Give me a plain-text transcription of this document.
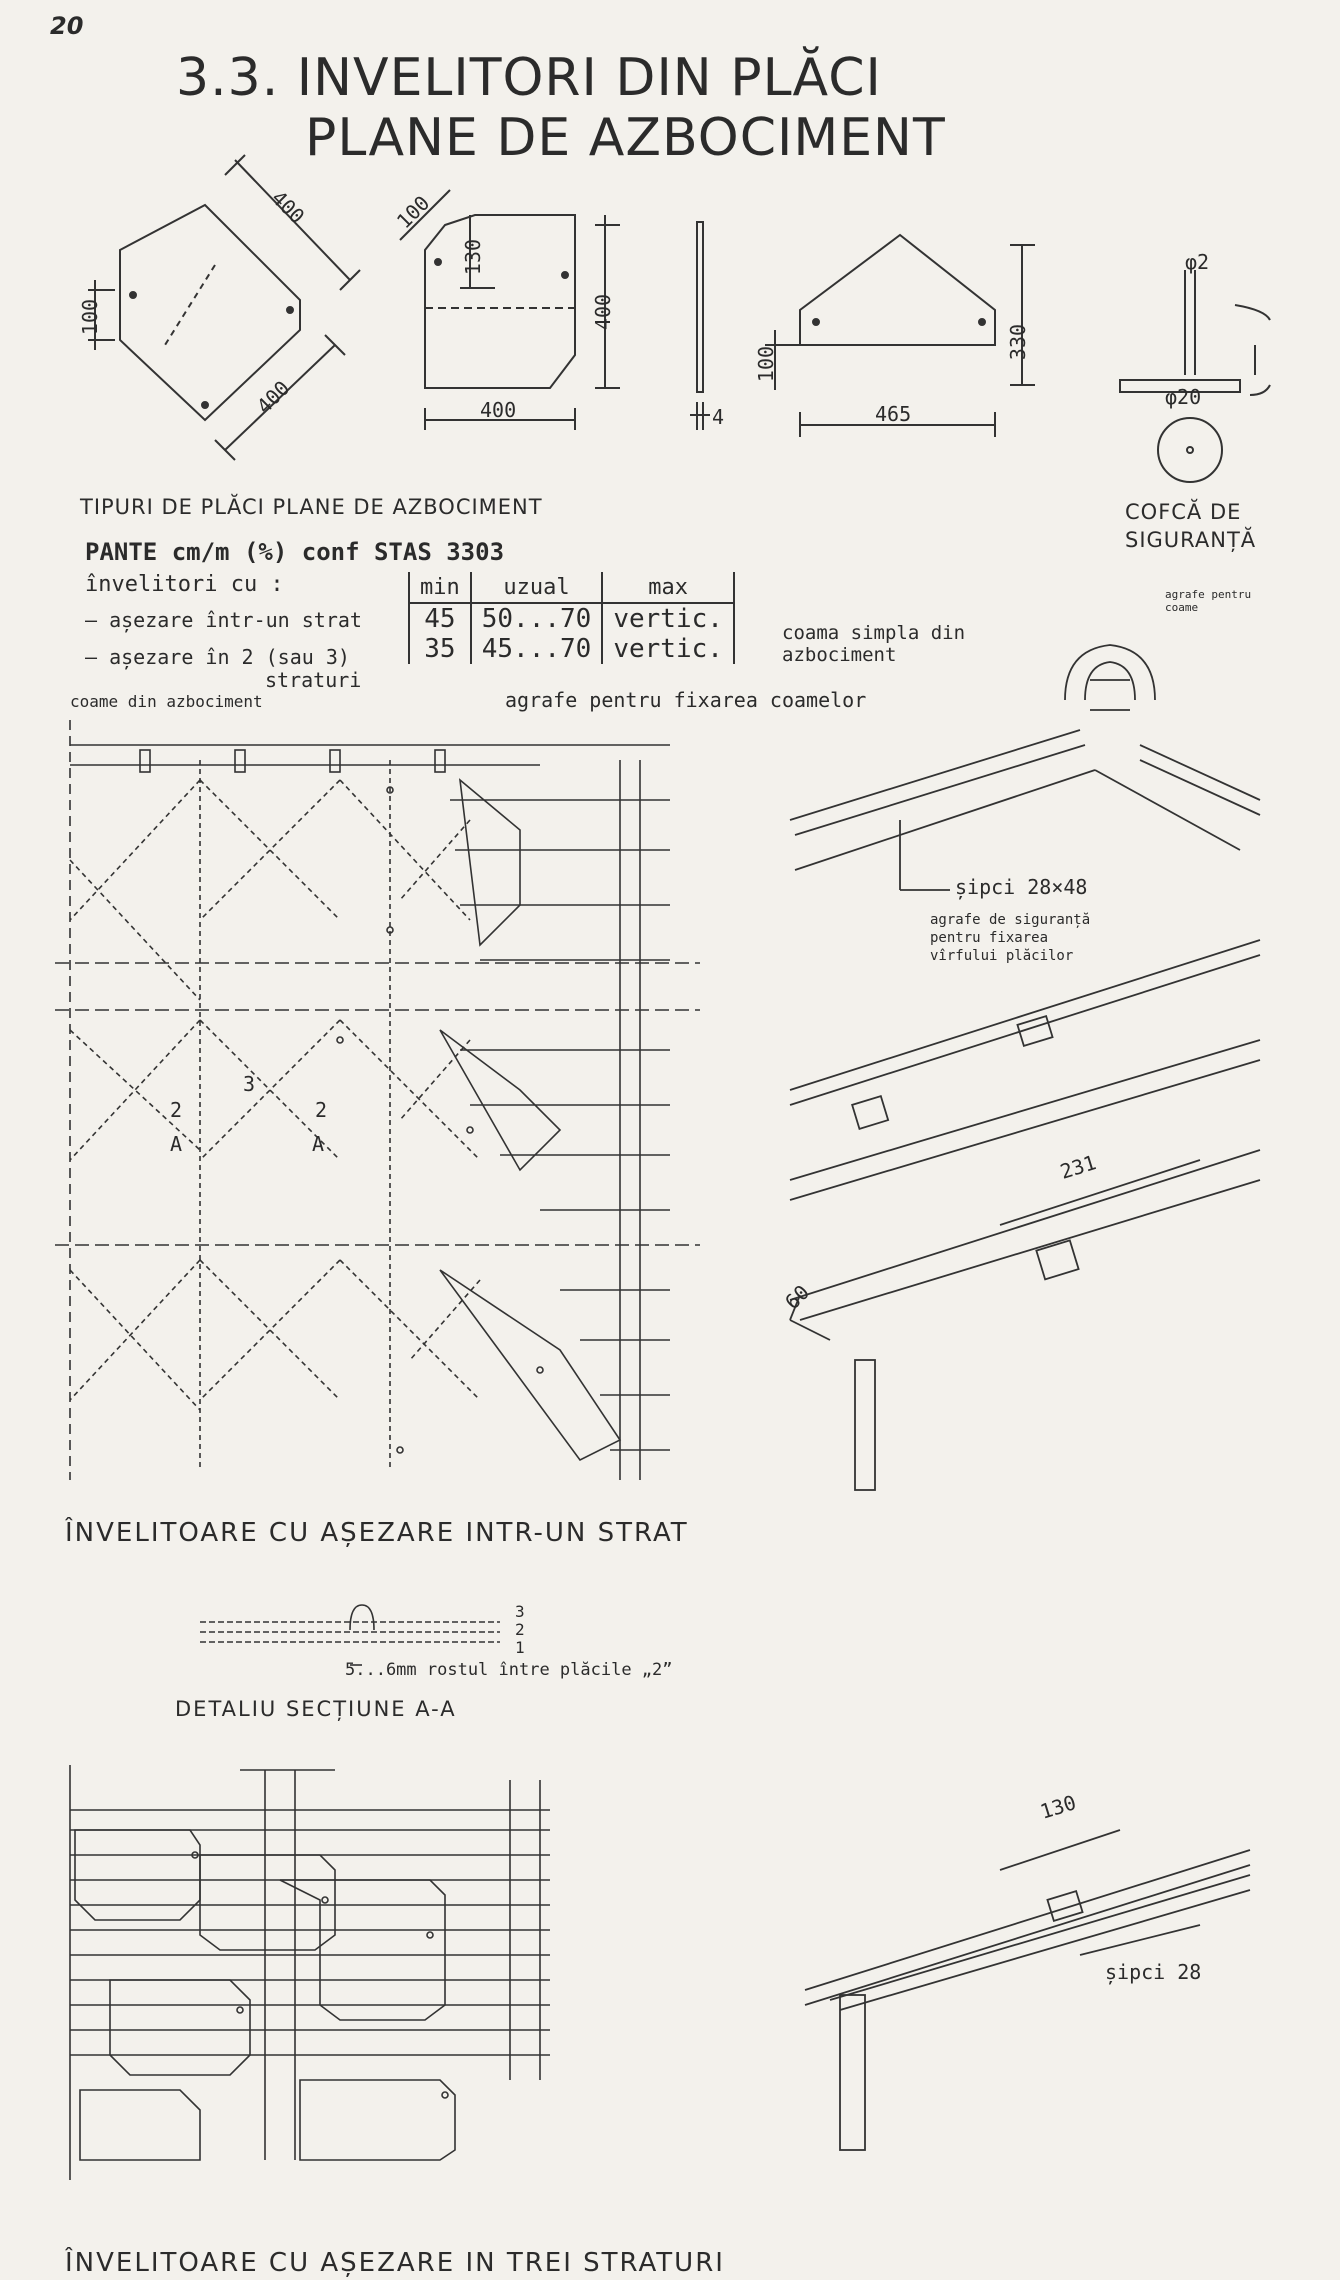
20
3.3. INVELITORI DIN PLĂCI
PLANE DE AZBOCIMENT
400
400
100
100
130
400
400	4
100
330
465
φ2
φ20
COFCĂ DE
SIGURANȚĂ
TIPURI DE PLĂCI PLANE DE AZBOCIMENT
PANTE cm/m (%) conf STAS 3303
învelitori cu :
— așezare într-un strat
— așezare în 2 (sau 3)
straturi
min	uzual	max
45	50...70	vertic.
35	45...70	vertic.
coame din azbociment	agrafe pentru fixarea coamelor
coama simpla din
azbociment
agrafe pentru coame
șipci 28×48
agrafe de siguranță
pentru fixarea
vîrfului plăcilor
3
2	2
A	A
231
60
ÎNVELITOARE CU AȘEZARE INTR-UN STRAT
3
2
1
5...6mm rostul între plăcile „2”
DETALIU SECȚIUNE A-A
130
șipci 28
ÎNVELITOARE CU AȘEZARE IN TREI STRATURI
